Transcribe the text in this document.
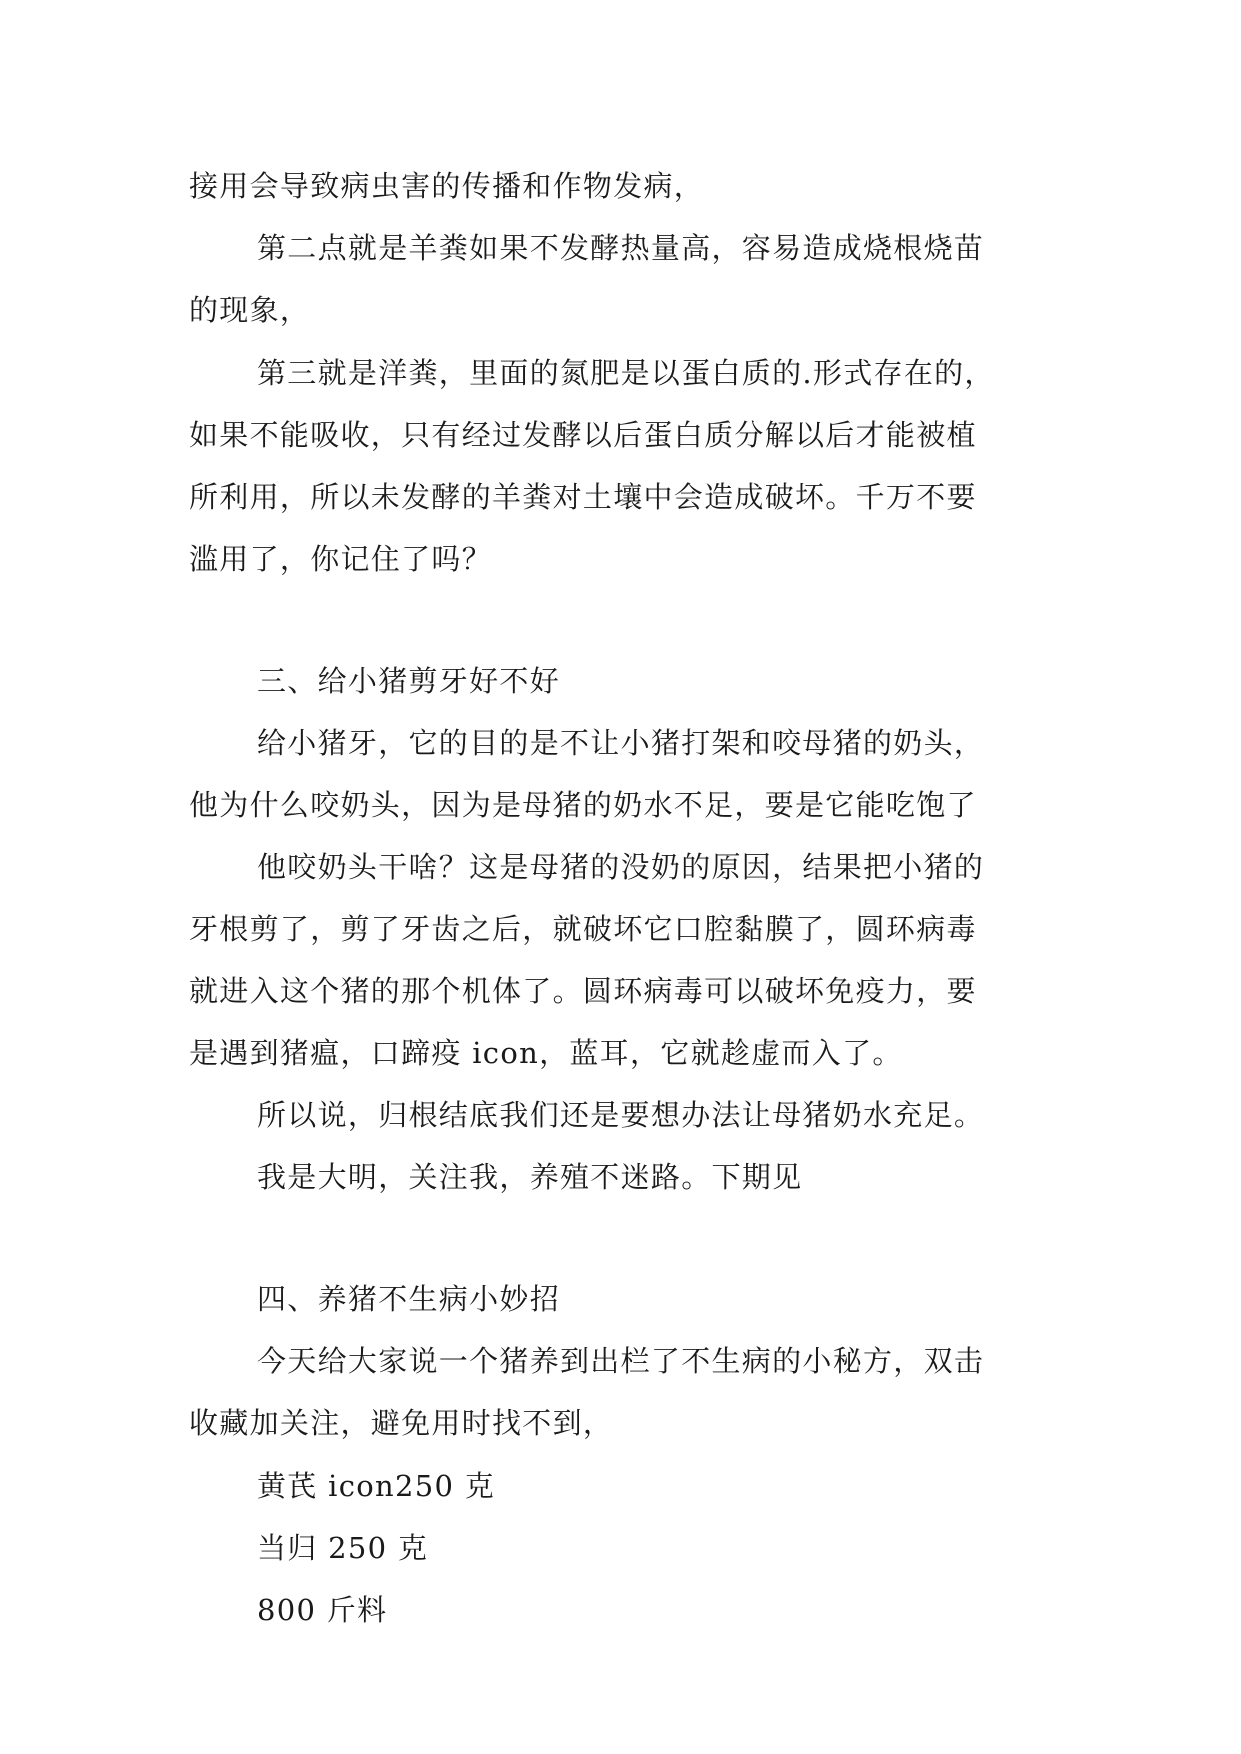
接用会导致病虫害的传播和作物发病，
第二点就是羊粪如果不发酵热量高，容易造成烧根烧苗
的现象，
第三就是洋粪，里面的氮肥是以蛋白质的.形式存在的，
如果不能吸收，只有经过发酵以后蛋白质分解以后才能被植
所利用，所以未发酵的羊粪对土壤中会造成破坏。千万不要
滥用了，你记住了吗？
三、给小猪剪牙好不好
给小猪牙，它的目的是不让小猪打架和咬母猪的奶头，
他为什么咬奶头，因为是母猪的奶水不足，要是它能吃饱了
他咬奶头干啥？这是母猪的没奶的原因，结果把小猪的
牙根剪了，剪了牙齿之后，就破坏它口腔黏膜了，圆环病毒
就进入这个猪的那个机体了。圆环病毒可以破坏免疫力，要
是遇到猪瘟，口蹄疫 icon，蓝耳，它就趁虚而入了。
所以说，归根结底我们还是要想办法让母猪奶水充足。
我是大明，关注我，养殖不迷路。下期见
四、养猪不生病小妙招
今天给大家说一个猪养到出栏了不生病的小秘方，双击
收藏加关注，避免用时找不到，
黄芪 icon250 克
当归 250 克
800 斤料
